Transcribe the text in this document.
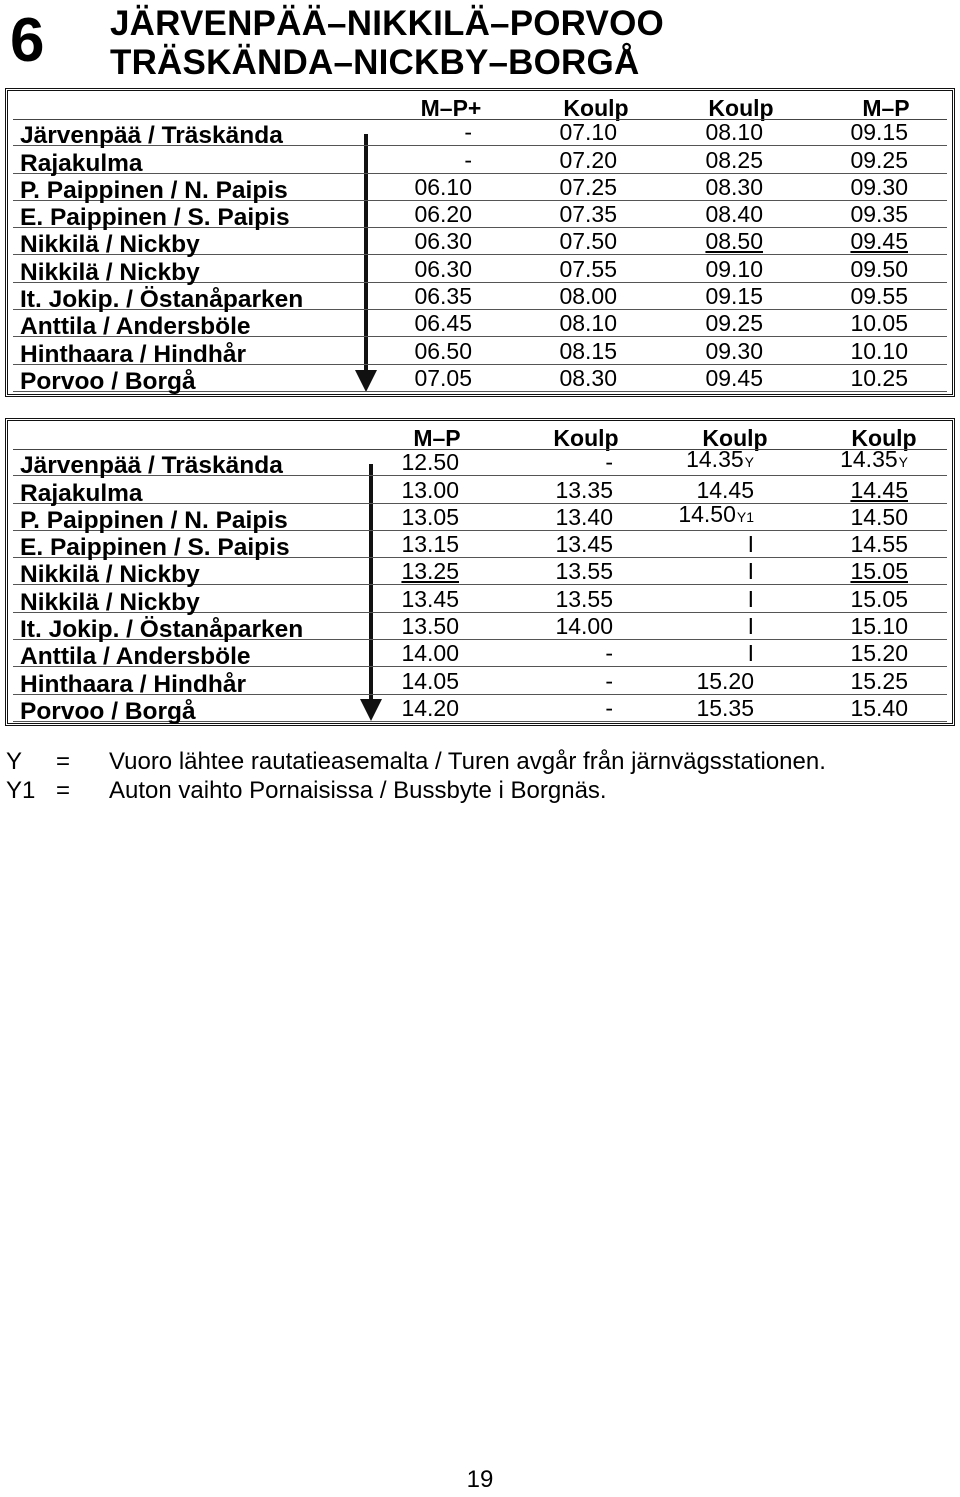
6 JÄRVENPÄÄ–NIKKILÄ–PORVOO
TRÄSKÄNDA–NICKBY–BORGÅ
M–P+	Koulp	Koulp	M–P
Järvenpää / Träskända	-	07.10	08.10	09.15
Rajakulma	-	07.20	08.25	09.25
P. Paippinen / N. Paipis	06.10	07.25	08.30	09.30
E. Paippinen / S. Paipis	06.20	07.35	08.40	09.35
Nikkilä / Nickby	06.30	07.50	08.50	09.45
Nikkilä / Nickby	06.30	07.55	09.10	09.50
It. Jokip. / Östanåparken	06.35	08.00	09.15	09.55
Anttila / Andersböle	06.45	08.10	09.25	10.05
Hinthaara / Hindhår	06.50	08.15	09.30	10.10
Porvoo / Borgå	07.05	08.30	09.45	10.25
M–P	Koulp	Koulp	Koulp
Järvenpää / Träskända	12.50	-	14.35Y	14.35Y
Rajakulma	13.00	13.35	14.45	14.45
P. Paippinen / N. Paipis	13.05	13.40	14.50Y1	14.50
E. Paippinen / S. Paipis	13.15	13.45	I	14.55
Nikkilä / Nickby	13.25	13.55	I	15.05
Nikkilä / Nickby	13.45	13.55	I	15.05
It. Jokip. / Östanåparken	13.50	14.00	I	15.10
Anttila / Andersböle	14.00	-	I	15.20
Hinthaara / Hindhår	14.05	-	15.20	15.25
Porvoo / Borgå	14.20	-	15.35	15.40
Y = Vuoro lähtee rautatieasemalta / Turen avgår från järnvägsstationen.
Y1 = Auton vaihto Pornaisissa / Bussbyte i Borgnäs.
19
